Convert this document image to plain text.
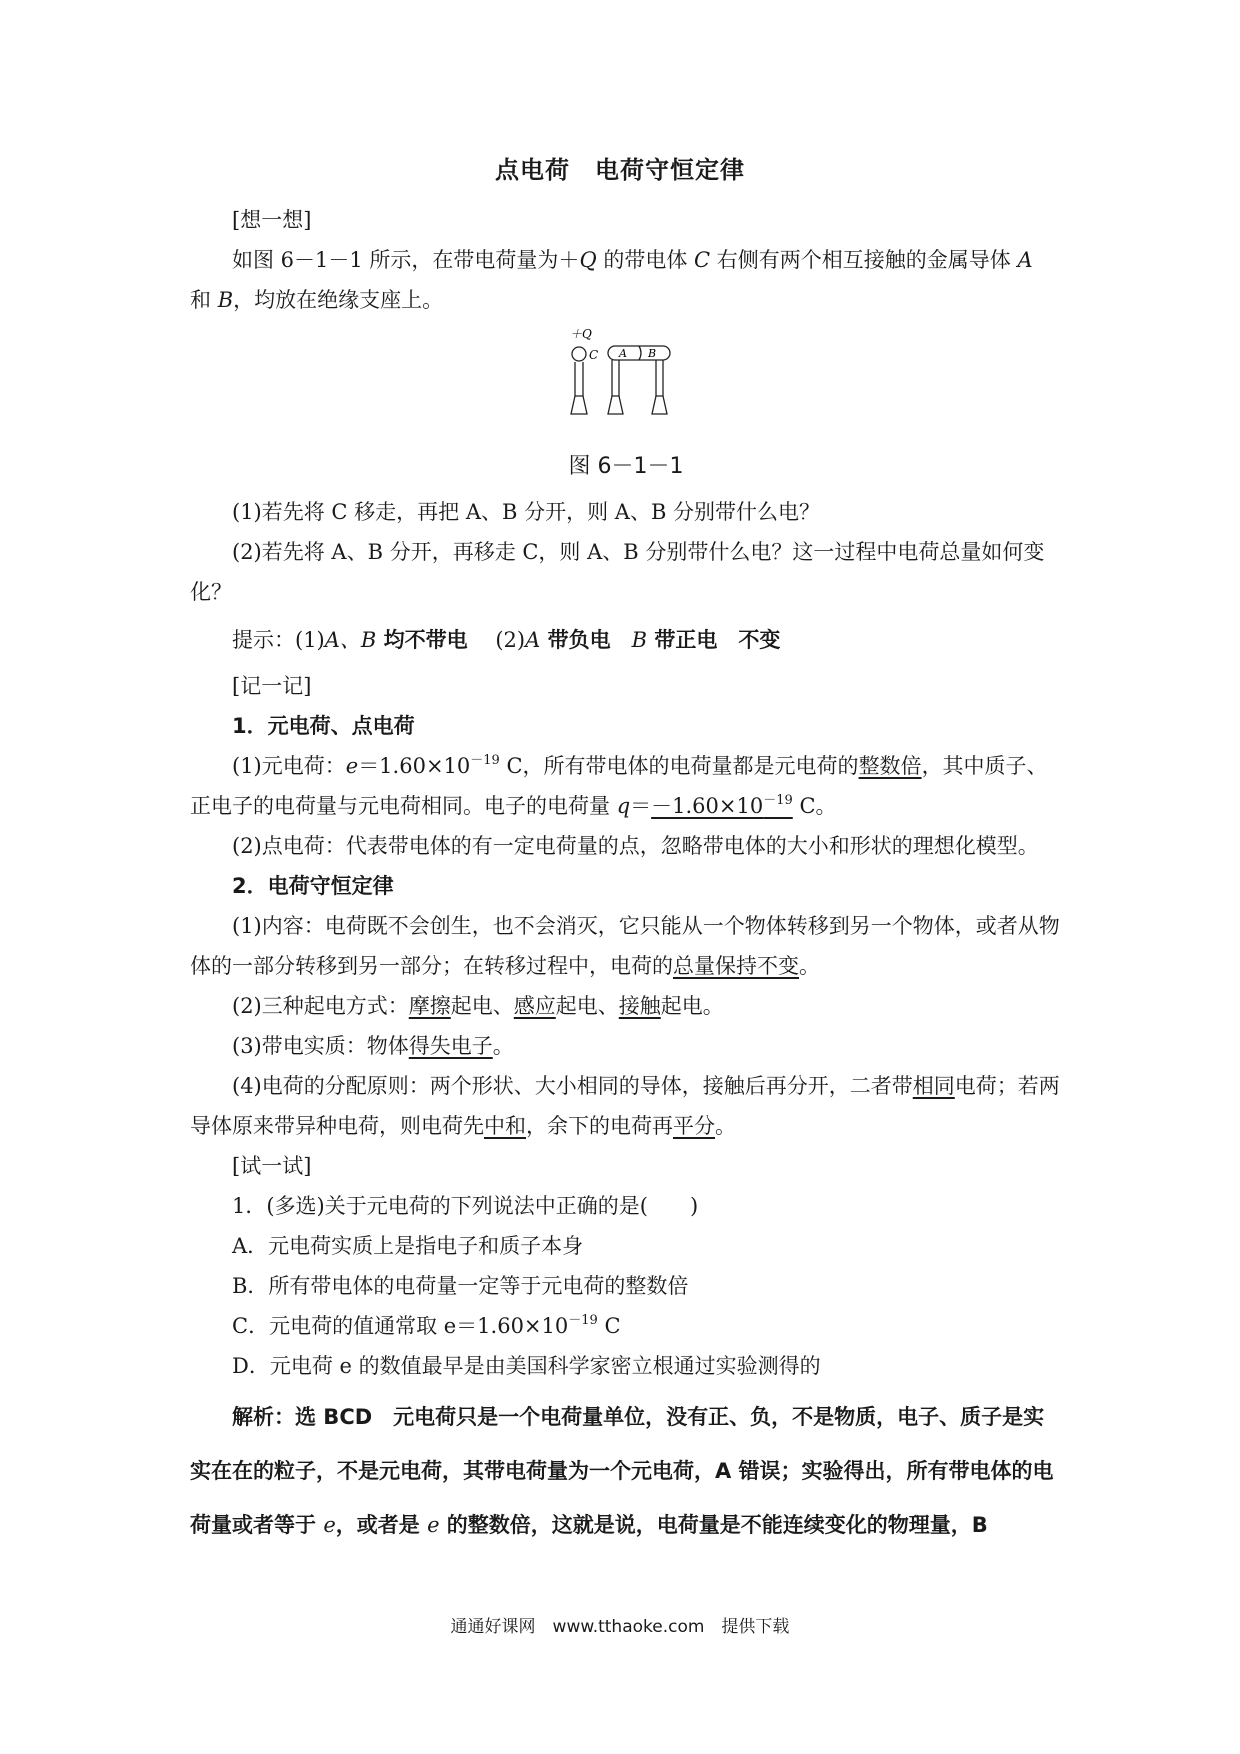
点电荷　电荷守恒定律

[想一想]

如图 6－1－1 所示，在带电荷量为＋Q 的带电体 C 右侧有两个相互接触的金属导体 A
和 B，均放在绝缘支座上。

＋Q
C A B
图 6－1－1

(1)若先将 C 移走，再把 A、B 分开，则 A、B 分别带什么电？

(2)若先将 A、B 分开，再移走 C，则 A、B 分别带什么电？这一过程中电荷总量如何变化？

提示：(1)A、B 均不带电　 (2)A 带负电　 B 带正电　 不变

[记一记]

1．元电荷、点电荷

(1)元电荷：$e=1.60\times 10^{-19}$ C，所有带电体的电荷量都是元电荷的整数倍，其中质子、正电子的电荷量与元电荷相同。电子的电荷量 $q=-1.60\times 10^{-19}$ C。

(2)点电荷：代表带电体的有一定电荷量的点，忽略带电体的大小和形状的理想化模型。

2．电荷守恒定律

(1)内容：电荷既不会创生，也不会消灭，它只能从一个物体转移到另一个物体，或者从物体的一部分转移到另一部分；在转移过程中，电荷的总量保持不变。

(2)三种起电方式：摩擦起电、感应起电、接触起电。

(3)带电实质：物体得失电子。

(4)电荷的分配原则：两个形状、大小相同的导体，接触后再分开，二者带相同电荷；若两导体原来带异种电荷，则电荷先中和，余下的电荷再平分。

[试一试]

1．(多选)关于元电荷的下列说法中正确的是(　　)

A．元电荷实质上是指电子和质子本身

B．所有带电体的电荷量一定等于元电荷的整数倍

C．元电荷的值通常取 $e=1.60\times 10^{-19}$ C

D．元电荷 e 的数值最早是由美国科学家密立根通过实验测得的

解析：选 BCD　元电荷只是一个电荷量单位，没有正、负，不是物质，电子、质子是实实在在的粒子，不是元电荷，其带电荷量为一个元电荷，A 错误；实验得出，所有带电体的电荷量或者等于 e，或者是 e 的整数倍，这就是说，电荷量是不能连续变化的物理量，B

通通好课网　www.tthaoke.com　提供下载
